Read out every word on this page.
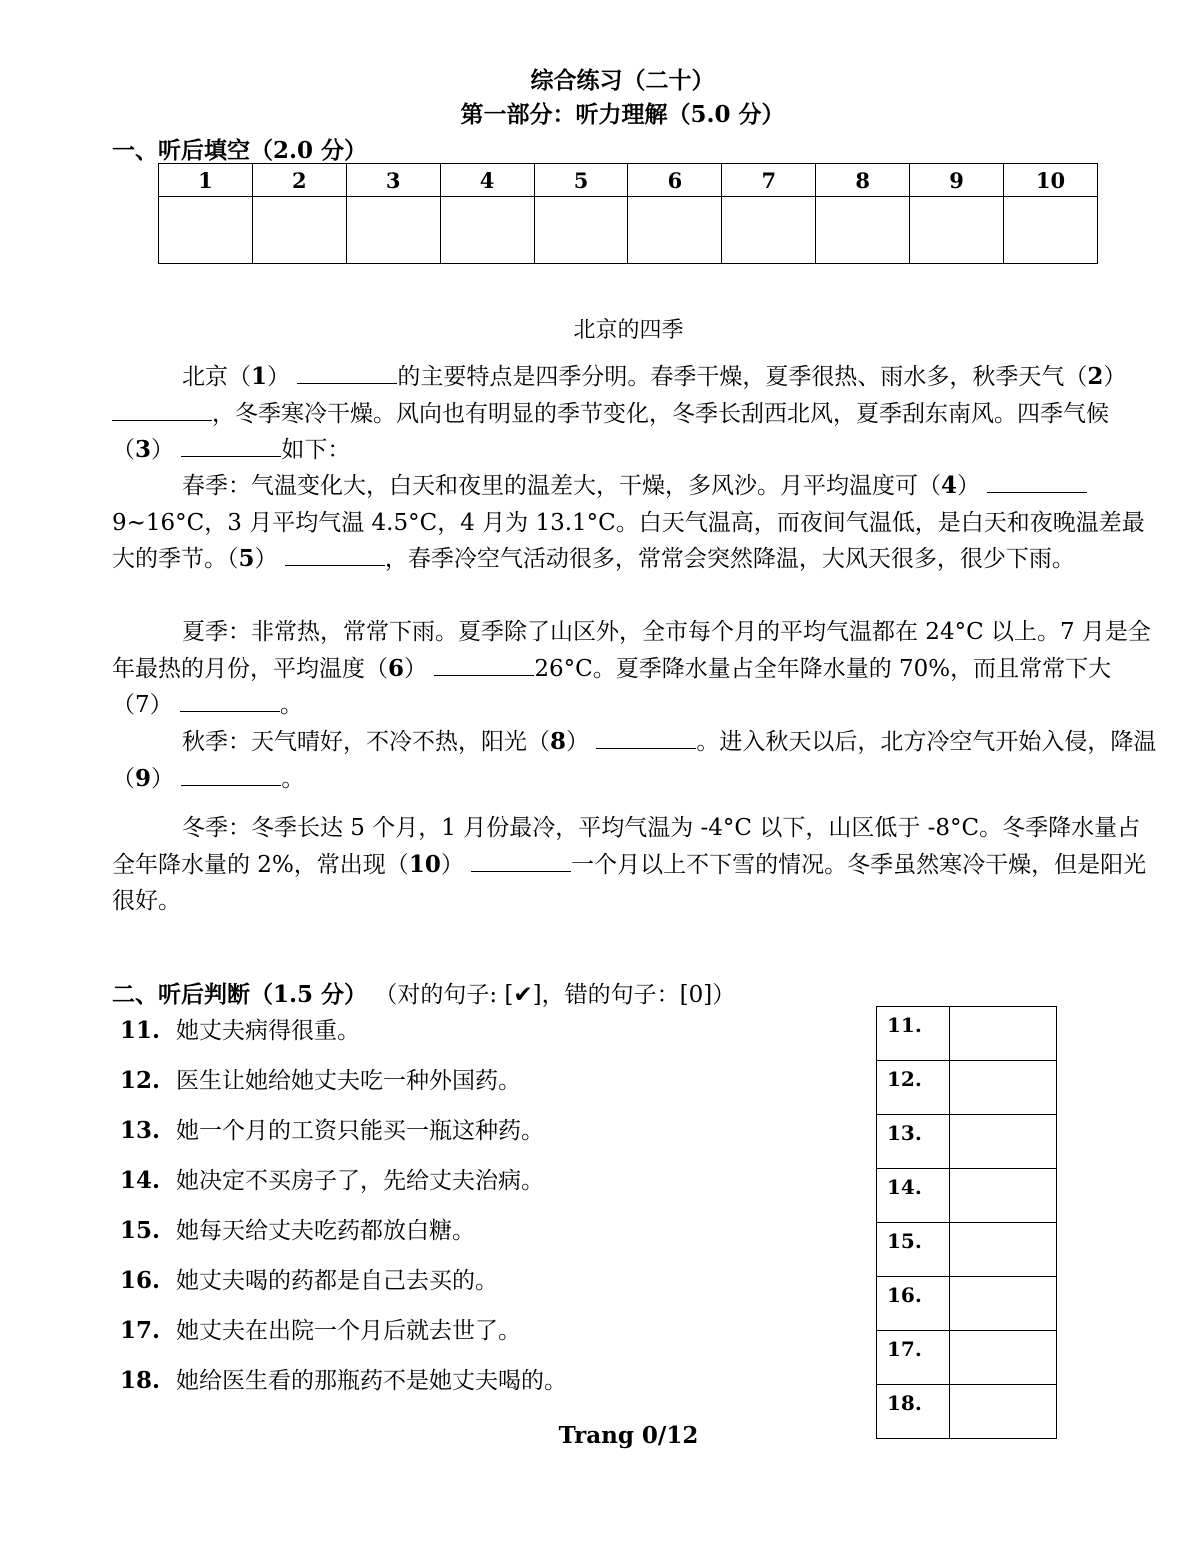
综合练习（二十）
第一部分：听力理解（5.0 分）
一、听后填空（2.0 分）
1	2	3	4	5	6	7	8	9	10

北京的四季
北京（1）	的主要特点是四季分明。春季干燥，夏季很热、雨水多，秋季天气（2） ，冬季寒冷干燥。风向也有明显的季节变化，冬季长刮西北风，夏季刮东南风。四季气候（3）	如下：
春季：气温变化大，白天和夜里的温差大，干燥，多风沙。月平均温度可（4） 9~16°C，3 月平均气温 4.5°C，4 月为 13.1°C。白天气温高，而夜间气温低，是白天和夜晚温差最大的季节。（5）	，春季冷空气活动很多，常常会突然降温，大风天很多，很少下雨。
夏季：非常热，常常下雨。夏季除了山区外，全市每个月的平均气温都在 24°C 以上。7 月是全年最热的月份，平均温度（6）	26°C。夏季降水量占全年降水量的 70%，而且常常下大（7）	。
秋季：天气晴好，不冷不热，阳光（8）	。进入秋天以后，北方冷空气开始入侵，降温（9）	。
冬季：冬季长达 5 个月，1 月份最冷，平均气温为 -4°C 以下，山区低于 -8°C。冬季降水量占全年降水量的 2%，常出现（10）	一个月以上不下雪的情况。冬季虽然寒冷干燥，但是阳光很好。
二、听后判断（1.5 分） （对的句子: [✔]，错的句子：[0]）
11. 她丈夫病得很重。
12. 医生让她给她丈夫吃一种外国药。
13. 她一个月的工资只能买一瓶这种药。
14. 她决定不买房子了，先给丈夫治病。
15. 她每天给丈夫吃药都放白糖。
16. 她丈夫喝的药都是自己去买的。
17. 她丈夫在出院一个月后就去世了。
18. 她给医生看的那瓶药不是她丈夫喝的。
11.	
12.	
13.	
14.	
15.	
16.	
17.	
18.	
Trang 0/12
